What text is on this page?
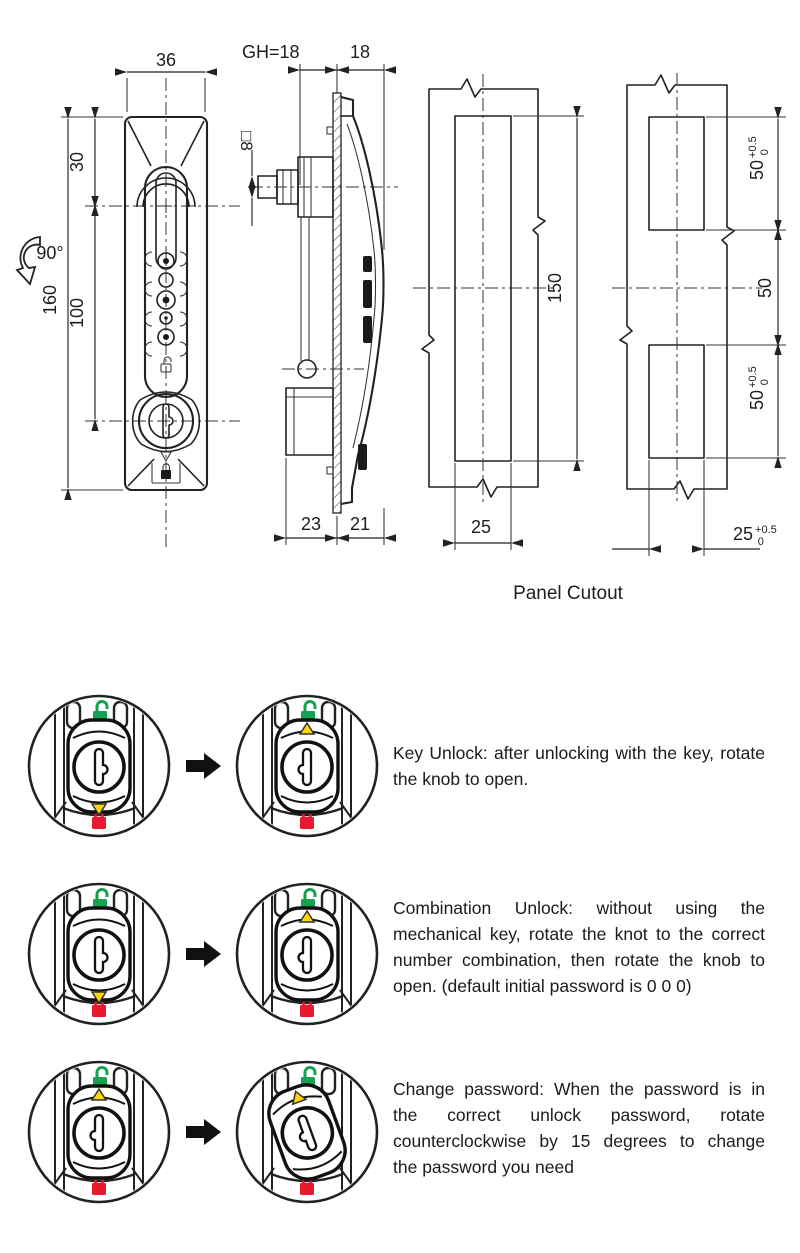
36
30
100
160
90°
GH=18	18
□8
23 21
150
25
$50^{+0.5}0$
50
$50^{+0.5}0$
25 $^{+0.5}$ 0
Panel Cutout
Key Unlock: after unlocking with the key, rotate
the knob to open.
Combination Unlock: without using the
mechanical key, rotate the knot to the correct
number combination, then rotate the knob to
open. (default initial password is 0 0 0)
Change password: When the password is in
the correct unlock password, rotate
counterclockwise by 15 degrees to change
the password you need
